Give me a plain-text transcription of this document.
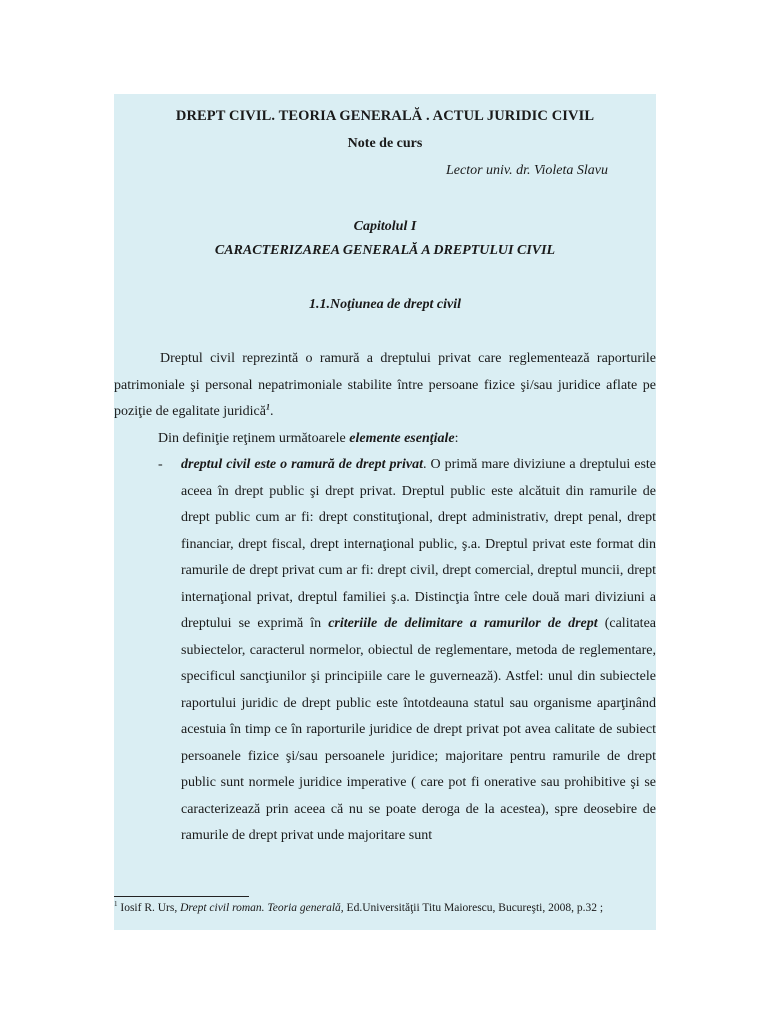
DREPT CIVIL. TEORIA GENERALĂ . ACTUL JURIDIC CIVIL
Note de curs
Lector univ. dr. Violeta Slavu
Capitolul I
CARACTERIZAREA GENERALĂ A DREPTULUI CIVIL
1.1.Noţiunea de drept civil

Dreptul civil reprezintă o ramură a dreptului privat care reglementează raporturile patrimoniale şi personal nepatrimoniale stabilite între persoane fizice şi/sau juridice aflate pe poziţie de egalitate juridică$^1$.

Din definiţie reţinem următoarele elemente esenţiale:

- dreptul civil este o ramură de drept privat. O primă mare diviziune a dreptului este aceea în drept public şi drept privat. Dreptul public este alcătuit din ramurile de drept public cum ar fi: drept constituţional, drept administrativ, drept penal, drept financiar, drept fiscal, drept internaţional public, ş.a. Dreptul privat este format din ramurile de drept privat cum ar fi: drept civil, drept comercial, dreptul muncii, drept internaţional privat, dreptul familiei ş.a. Distincţia între cele două mari diviziuni a dreptului se exprimă în criteriile de delimitare a ramurilor de drept (calitatea subiectelor, caracterul normelor, obiectul de reglementare, metoda de reglementare, specificul sancţiunilor şi principiile care le guvernează). Astfel: unul din subiectele raportului juridic de drept public este întotdeauna statul sau organisme aparţinând acestuia în timp ce în raporturile juridice de drept privat pot avea calitate de subiect persoanele fizice şi/sau persoanele juridice; majoritare pentru ramurile de drept public sunt normele juridice imperative ( care pot fi onerative sau prohibitive şi se caracterizează prin aceea că nu se poate deroga de la acestea), spre deosebire de ramurile de drept privat unde majoritare sunt

$^1$ Iosif R. Urs, Drept civil roman. Teoria generală, Ed.Universităţii Titu Maiorescu, Bucureşti, 2008, p.32 ;
